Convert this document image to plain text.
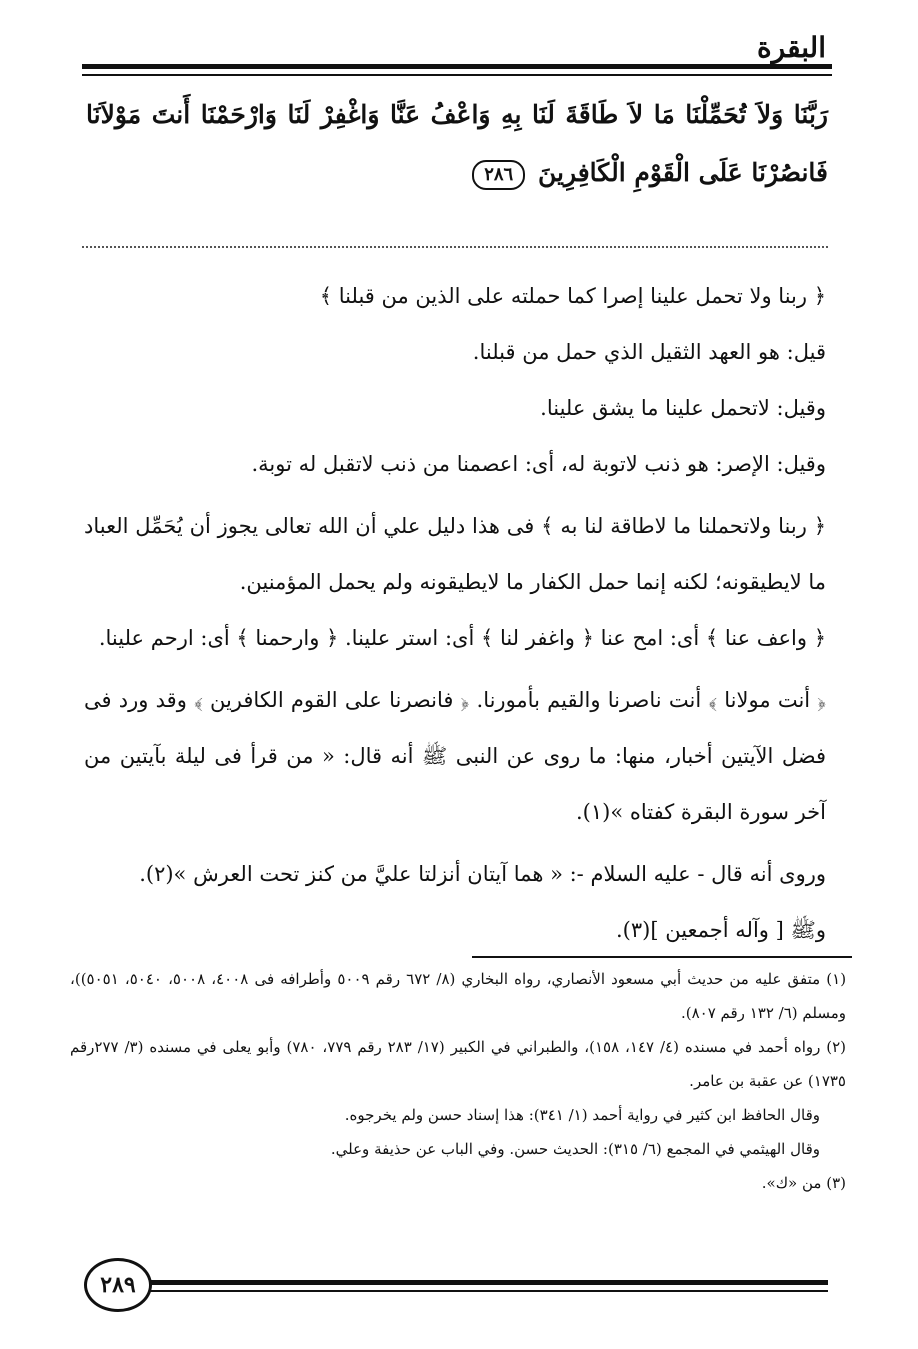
البقرة
رَبَّنَا وَلاَ تُحَمِّلْنَا مَا لاَ طَاقَةَ لَنَا بِهِ وَاعْفُ عَنَّا وَاغْفِرْ لَنَا وَارْحَمْنَا أَنتَ مَوْلاَنَا فَانصُرْنَا عَلَى الْقَوْمِ الْكَافِرِينَ ٢٨٦

﴿ ربنا ولا تحمل علينا إصرا كما حملته على الذين من قبلنا ﴾

قيل: هو العهد الثقيل الذي حمل من قبلنا.

وقيل: لاتحمل علينا ما يشق علينا.

وقيل: الإصر: هو ذنب لاتوبة له، أى: اعصمنا من ذنب لاتقبل له توبة.

﴿ ربنا ولاتحملنا ما لاطاقة لنا به ﴾ فى هذا دليل علي أن الله تعالى يجوز أن يُحَمِّل العباد ما لايطيقونه؛ لكنه إنما حمل الكفار ما لايطيقونه ولم يحمل المؤمنين.

﴿ واعف عنا ﴾ أى: امح عنا ﴿ واغفر لنا ﴾ أى: استر علينا. ﴿ وارحمنا ﴾ أى: ارحم علينا.

﴿ أنت مولانا ﴾ أنت ناصرنا والقيم بأمورنا. ﴿ فانصرنا على القوم الكافرين ﴾ وقد ورد فى فضل الآيتين أخبار، منها: ما روى عن النبى ﷺ أنه قال: « من قرأ فى ليلة بآيتين من آخر سورة البقرة كفتاه »(١).

وروى أنه قال - عليه السلام -: « هما آيتان أنزلتا عليَّ من كنز تحت العرش »(٢).

وﷺ [ وآله أجمعين ](٣).

(١) متفق عليه من حديث أبي مسعود الأنصاري، رواه البخاري (٨/ ٦٧٢ رقم ٥٠٠٩ وأطرافه فى ٤٠٠٨، ٥٠٠٨، ٥٠٤٠، ٥٠٥١))، ومسلم (٦/ ١٣٢ رقم ٨٠٧).

(٢) رواه أحمد في مسنده (٤/ ١٤٧، ١٥٨)، والطبراني في الكبير (١٧/ ٢٨٣ رقم ٧٧٩، ٧٨٠) وأبو يعلى في مسنده (٣/ ٢٧٧رقم ١٧٣٥) عن عقبة بن عامر.

وقال الحافظ ابن كثير في رواية أحمد (١/ ٣٤١): هذا إسناد حسن ولم يخرجوه.

وقال الهيثمي في المجمع (٦/ ٣١٥): الحديث حسن. وفي الباب عن حذيفة وعلي.

(٣) من «ك».

٢٨٩
